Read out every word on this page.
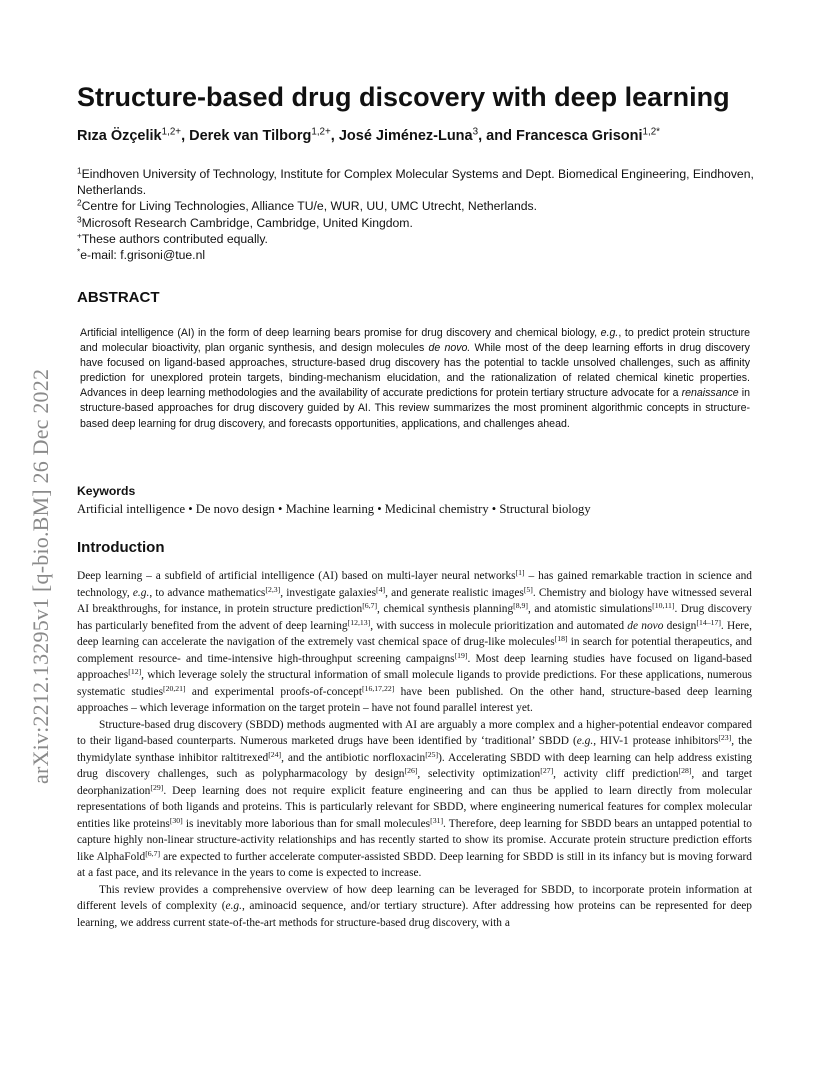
arXiv:2212.13295v1 [q-bio.BM] 26 Dec 2022
Structure-based drug discovery with deep learning
Rıza Özçelik$^{1,2+}$, Derek van Tilborg$^{1,2+}$, José Jiménez-Luna$^3$, and Francesca Grisoni$^{1,2*}$
$^1$Eindhoven University of Technology, Institute for Complex Molecular Systems and Dept. Biomedical Engineering, Eindhoven, Netherlands.
$^2$Centre for Living Technologies, Alliance TU/e, WUR, UU, UMC Utrecht, Netherlands.
$^3$Microsoft Research Cambridge, Cambridge, United Kingdom.
+These authors contributed equally.
*e-mail: f.grisoni@tue.nl
ABSTRACT

Artificial intelligence (AI) in the form of deep learning bears promise for drug discovery and chemical biology, e.g., to predict protein structure and molecular bioactivity, plan organic synthesis, and design molecules de novo. While most of the deep learning efforts in drug discovery have focused on ligand-based approaches, structure-based drug discovery has the potential to tackle unsolved challenges, such as affinity prediction for unexplored protein targets, binding-mechanism elucidation, and the rationalization of related chemical kinetic properties. Advances in deep learning methodologies and the availability of accurate predictions for protein tertiary structure advocate for a renaissance in structure-based approaches for drug discovery guided by AI. This review summarizes the most prominent algorithmic concepts in structure-based deep learning for drug discovery, and forecasts opportunities, applications, and challenges ahead.

Keywords
Artificial intelligence • De novo design • Machine learning • Medicinal chemistry • Structural biology
Introduction

Deep learning – a subfield of artificial intelligence (AI) based on multi-layer neural networks[1] – has gained remarkable traction in science and technology, e.g., to advance mathematics[2,3], investigate galaxies[4], and generate realistic images[5]. Chemistry and biology have witnessed several AI breakthroughs, for instance, in protein structure prediction[6,7], chemical synthesis planning[8,9], and atomistic simulations[10,11]. Drug discovery has particularly benefited from the advent of deep learning[12,13], with success in molecule prioritization and automated de novo design[14–17]. Here, deep learning can accelerate the navigation of the extremely vast chemical space of drug-like molecules[18] in search for potential therapeutics, and complement resource- and time-intensive high-throughput screening campaigns[19]. Most deep learning studies have focused on ligand-based approaches[12], which leverage solely the structural information of small molecule ligands to provide predictions. For these applications, numerous systematic studies[20,21] and experimental proofs-of-concept[16,17,22] have been published. On the other hand, structure-based deep learning approaches – which leverage information on the target protein – have not found parallel interest yet.

Structure-based drug discovery (SBDD) methods augmented with AI are arguably a more complex and a higher-potential endeavor compared to their ligand-based counterparts. Numerous marketed drugs have been identified by ‘traditional’ SBDD (e.g., HIV-1 protease inhibitors[23], the thymidylate synthase inhibitor raltitrexed[24], and the antibiotic norfloxacin[25]). Accelerating SBDD with deep learning can help address existing drug discovery challenges, such as polypharmacology by design[26], selectivity optimization[27], activity cliff prediction[28], and target deorphanization[29]. Deep learning does not require explicit feature engineering and can thus be applied to learn directly from molecular representations of both ligands and proteins. This is particularly relevant for SBDD, where engineering numerical features for complex molecular entities like proteins[30] is inevitably more laborious than for small molecules[31]. Therefore, deep learning for SBDD bears an untapped potential to capture highly non-linear structure-activity relationships and has recently started to show its promise. Accurate protein structure prediction efforts like AlphaFold[6,7] are expected to further accelerate computer-assisted SBDD. Deep learning for SBDD is still in its infancy but is moving forward at a fast pace, and its relevance in the years to come is expected to increase.

This review provides a comprehensive overview of how deep learning can be leveraged for SBDD, to incorporate protein information at different levels of complexity (e.g., aminoacid sequence, and/or tertiary structure). After addressing how proteins can be represented for deep learning, we address current state-of-the-art methods for structure-based drug discovery, with a
